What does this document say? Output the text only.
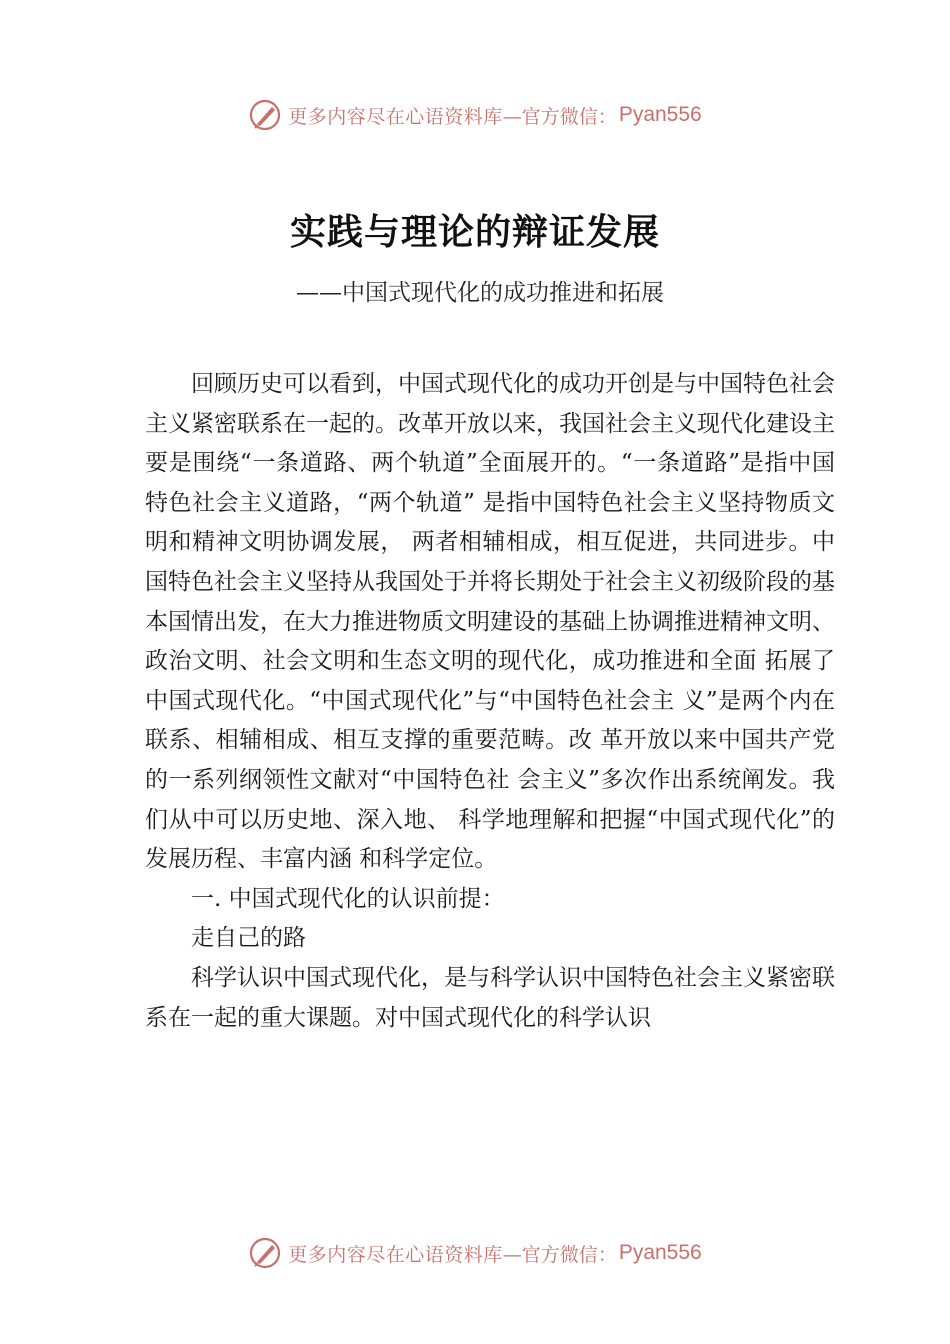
更多内容尽在心语资料库 —官方微信： Pyan556
实践与理论的辩证发展
——中国式现代化的成功推进和拓展

回顾历史可以看到，中国式现代化的成功开创是与中国特色社会主义紧密联系在一起的。改革开放以来，我国社会主义现代化建设主要是围绕“一条道路、两个轨道”全面展开的。“一条道路”是指中国特色社会主义道路，“两个轨道” 是指中国特色社会主义坚持物质文明和精神文明协调发展， 两者相辅相成，相互促进，共同进步。中国特色社会主义坚持从我国处于并将长期处于社会主义初级阶段的基本国情出发，在大力推进物质文明建设的基础上协调推进精神文明、政治文明、社会文明和生态文明的现代化，成功推进和全面 拓展了中国式现代化。“中国式现代化”与“中国特色社会主 义”是两个内在联系、相辅相成、相互支撑的重要范畴。改 革开放以来中国共产党的一系列纲领性文献对“中国特色社 会主义”多次作出系统阐发。我们从中可以历史地、深入地、 科学地理解和把握“中国式现代化”的发展历程、丰富内涵 和科学定位。

一. 中国式现代化的认识前提：

走自己的路

科学认识中国式现代化，是与科学认识中国特色社会主义紧密联系在一起的重大课题。对中国式现代化的科学认识

更多内容尽在心语资料库 —官方微信： Pyan556
